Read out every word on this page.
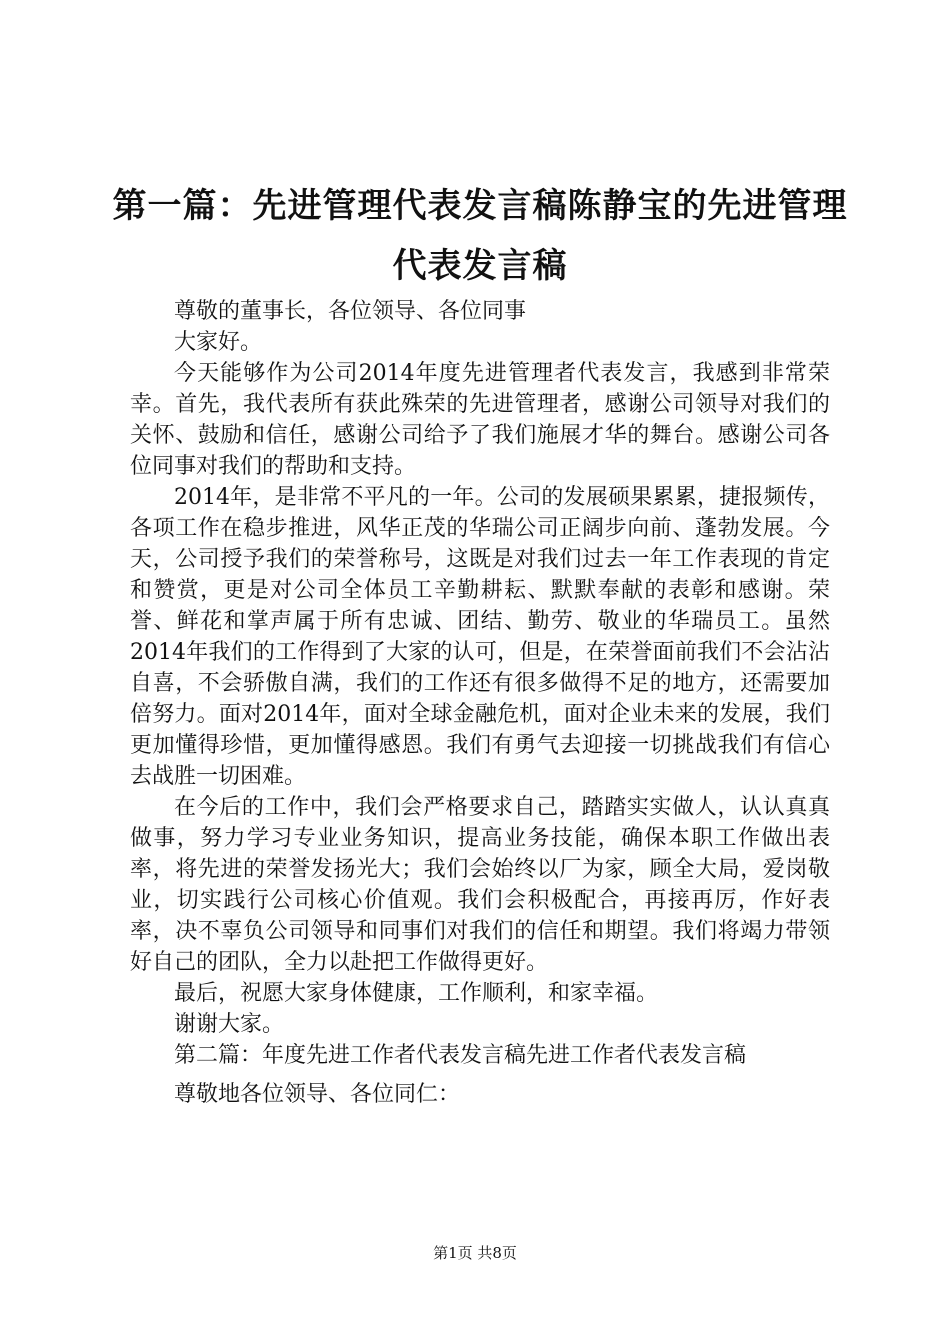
第一篇：先进管理代表发言稿陈静宝的先进管理代表发言稿

尊敬的董事长，各位领导、各位同事

大家好。

今天能够作为公司2014年度先进管理者代表发言，我感到非常荣幸。首先，我代表所有获此殊荣的先进管理者，感谢公司领导对我们的关怀、鼓励和信任，感谢公司给予了我们施展才华的舞台。感谢公司各位同事对我们的帮助和支持。

2014年，是非常不平凡的一年。公司的发展硕果累累，捷报频传，各项工作在稳步推进，风华正茂的华瑞公司正阔步向前、蓬勃发展。今天，公司授予我们的荣誉称号，这既是对我们过去一年工作表现的肯定和赞赏，更是对公司全体员工辛勤耕耘、默默奉献的表彰和感谢。荣誉、鲜花和掌声属于所有忠诚、团结、勤劳、敬业的华瑞员工。虽然2014年我们的工作得到了大家的认可，但是，在荣誉面前我们不会沾沾自喜，不会骄傲自满，我们的工作还有很多做得不足的地方，还需要加倍努力。面对2014年，面对全球金融危机，面对企业未来的发展，我们更加懂得珍惜，更加懂得感恩。我们有勇气去迎接一切挑战我们有信心去战胜一切困难。

在今后的工作中，我们会严格要求自己，踏踏实实做人，认认真真做事，努力学习专业业务知识，提高业务技能，确保本职工作做出表率，将先进的荣誉发扬光大；我们会始终以厂为家，顾全大局，爱岗敬业，切实践行公司核心价值观。我们会积极配合，再接再厉，作好表率，决不辜负公司领导和同事们对我们的信任和期望。我们将竭力带领好自己的团队，全力以赴把工作做得更好。

最后，祝愿大家身体健康，工作顺利，和家幸福。

谢谢大家。

第二篇：年度先进工作者代表发言稿先进工作者代表发言稿

尊敬地各位领导、各位同仁：

第1页 共8页
